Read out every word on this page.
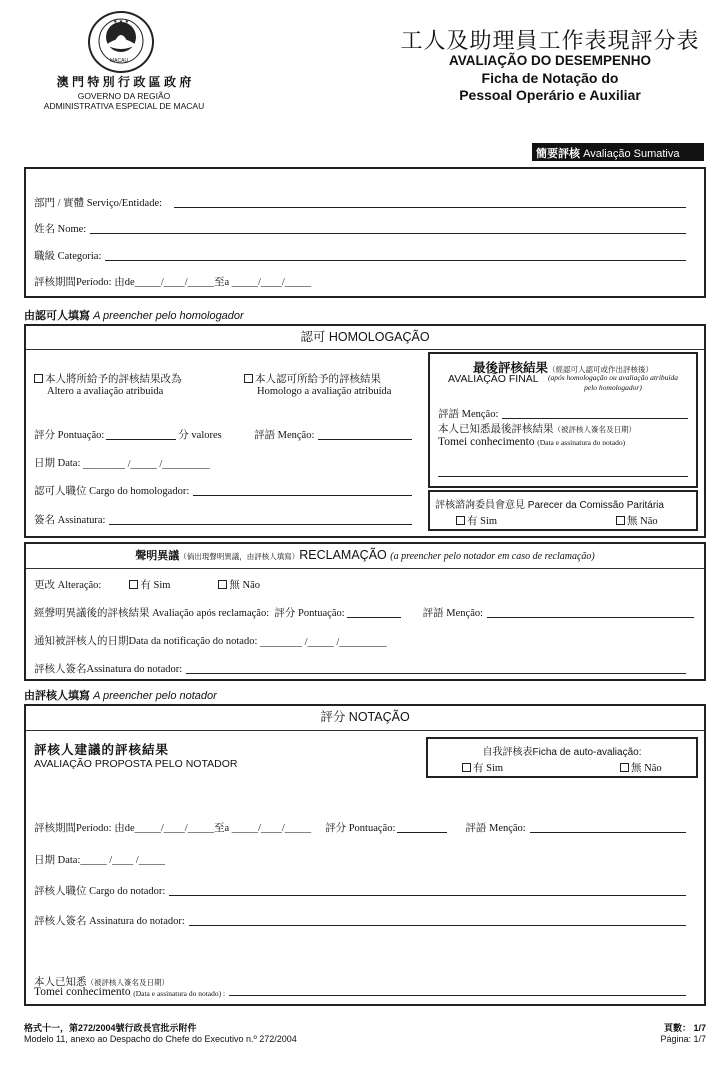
★ ★ ★
MACAU
澳 門 特 別 行 政 區 政 府
GOVERNO DA REGIÃO
ADMINISTRATIVA ESPECIAL DE MACAU
工人及助理員工作表現評分表
AVALIAÇÃO DO DESEMPENHO
Ficha de Notação do
Pessoal Operário e Auxiliar
簡要評核 Avaliação Sumativa
部門 / 實體 Serviço/Entidade:
姓名 Nome:
職級 Categoria:
評核期間Período: 由de_____/____/_____至a _____/____/_____
由認可人填寫 A preencher pelo homologador
認可 HOMOLOGAÇÃO
本人將所給予的評核結果改為
Altero a avaliação atribuida
本人認可所給予的評核結果
Homologo a avaliação atribuída
評分 Pontuação:	分 valores	評語 Menção:
日期 Data:
________ /_____ /_________
認可人職位 Cargo do homologador:
簽名 Assinatura:
最後評核結果（經認可人認可或作出評核後）
AVALIAÇÃO FINAL (após homologação ou avaliação atribuída pelo homologador)
評語 Menção:
本人已知悉最後評核結果（被評核人簽名及日期）
Tomei conhecimento (Data e assinatura do notado)
評核諮詢委員會意見 Parecer da Comissão Paritária
有 Sim	無 Não
聲明異議（倘出現聲明異議，由評核人填寫）RECLAMAÇÃO (a preencher pelo notador em caso de reclamação)
更改 Alteração:	有 Sim	無 Não
經聲明異議後的評核結果 Avaliação após reclamação:
評分 Pontuação:	評語 Menção:
通知被評核人的日期Data da notificação do notado:
________ /_____ /_________
評核人簽名Assinatura do notador:
由評核人填寫 A preencher pelo notador
評分 NOTAÇÃO
評核人建議的評核結果
AVALIAÇÃO PROPOSTA PELO NOTADOR
自我評核表Ficha de auto-avaliação:
有 Sim	無 Não
評核期間Período: 由de_____/____/_____至a _____/____/_____ 評分 Pontuação:	評語 Menção:
日期 Data:_____ /____ /_____
評核人職位 Cargo do notador:
評核人簽名 Assinatura do notador:
本人已知悉（被評核人簽名及日期）
Tomei conhecimento
(Data e assinatura do notado) :
格式十一，第272/2004號行政長官批示附件
Modelo 11, anexo ao Despacho do Chefe do Executivo n.º 272/2004
頁數： 1/7
Página: 1/7
